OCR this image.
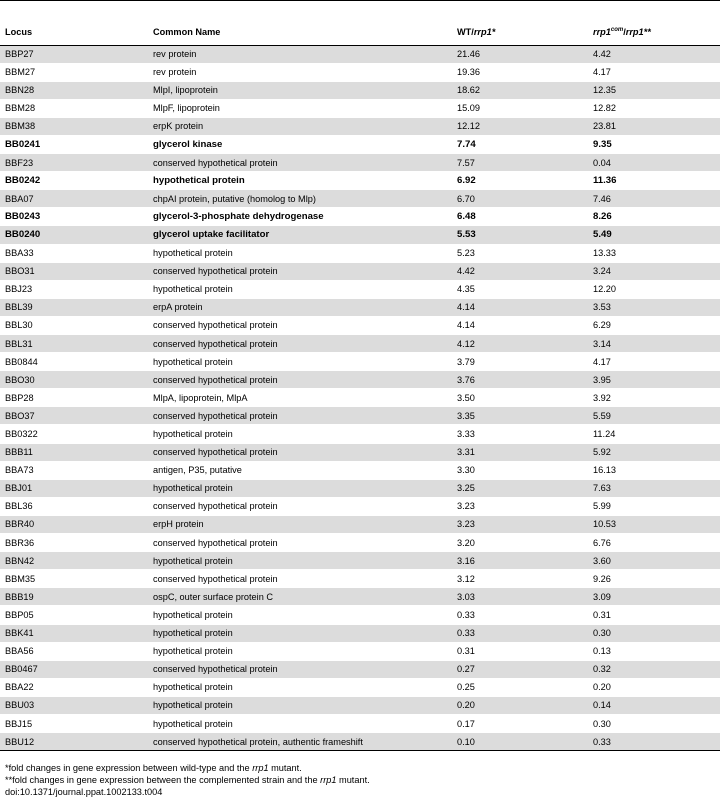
Locus	Common Name	WT/rrp1*	$rrp1^{com}/rrp1**$
BBP27	rev protein	21.46	4.42
BBM27	rev protein	19.36	4.17
BBN28	MlpI, lipoprotein	18.62	12.35
BBM28	MlpF, lipoprotein	15.09	12.82
BBM38	erpK protein	12.12	23.81
BB0241	glycerol kinase	7.74	9.35
BBF23	conserved hypothetical protein	7.57	0.04
BB0242	hypothetical protein	6.92	11.36
BBA07	chpAI protein, putative (homolog to Mlp)	6.70	7.46
BB0243	glycerol-3-phosphate dehydrogenase	6.48	8.26
BB0240	glycerol uptake facilitator	5.53	5.49
BBA33	hypothetical protein	5.23	13.33
BBO31	conserved hypothetical protein	4.42	3.24
BBJ23	hypothetical protein	4.35	12.20
BBL39	erpA protein	4.14	3.53
BBL30	conserved hypothetical protein	4.14	6.29
BBL31	conserved hypothetical protein	4.12	3.14
BB0844	hypothetical protein	3.79	4.17
BBO30	conserved hypothetical protein	3.76	3.95
BBP28	MlpA, lipoprotein, MlpA	3.50	3.92
BBO37	conserved hypothetical protein	3.35	5.59
BB0322	hypothetical protein	3.33	11.24
BBB11	conserved hypothetical protein	3.31	5.92
BBA73	antigen, P35, putative	3.30	16.13
BBJ01	hypothetical protein	3.25	7.63
BBL36	conserved hypothetical protein	3.23	5.99
BBR40	erpH protein	3.23	10.53
BBR36	conserved hypothetical protein	3.20	6.76
BBN42	hypothetical protein	3.16	3.60
BBM35	conserved hypothetical protein	3.12	9.26
BBB19	ospC, outer surface protein C	3.03	3.09
BBP05	hypothetical protein	0.33	0.31
BBK41	hypothetical protein	0.33	0.30
BBA56	hypothetical protein	0.31	0.13
BB0467	conserved hypothetical protein	0.27	0.32
BBA22	hypothetical protein	0.25	0.20
BBU03	hypothetical protein	0.20	0.14
BBJ15	hypothetical protein	0.17	0.30
BBU12	conserved hypothetical protein, authentic frameshift	0.10	0.33
*fold changes in gene expression between wild-type and the rrp1 mutant.
**fold changes in gene expression between the complemented strain and the rrp1 mutant.
doi:10.1371/journal.ppat.1002133.t004
